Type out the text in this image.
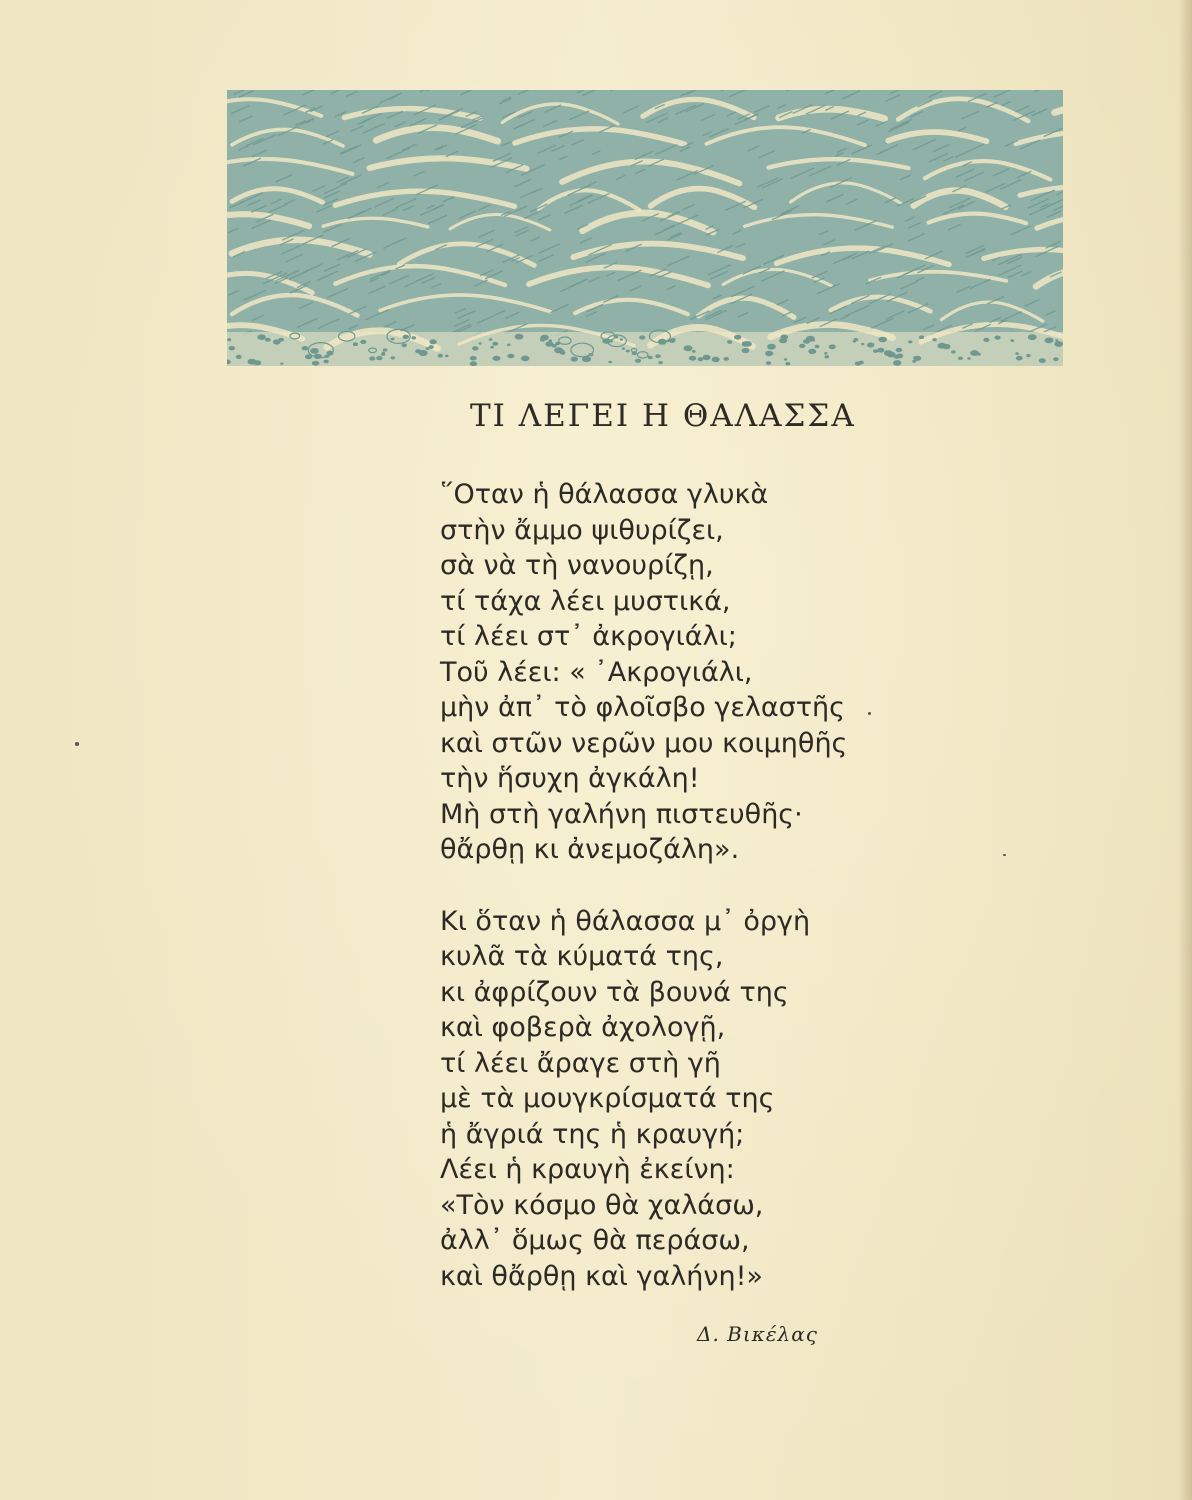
ΤΙ ΛΕΓΕΙ Η ΘΑΛΑΣΣΑ
῞Οταν ἡ θάλασσα γλυκὰ
στὴν ἄμμο ψιθυρίζει,
σὰ νὰ τὴ νανουρίζῃ,
τί τάχα λέει μυστικά,
τί λέει στ᾽ ἀκρογιάλι;
Τοῦ λέει: « ᾽Ακρογιάλι,
μὴν ἀπ᾽ τὸ φλοῖσβο γελαστῆς
καὶ στῶν νερῶν μου κοιμηθῆς
τὴν ἥσυχη ἀγκάλη!
Μὴ στὴ γαλήνη πιστευθῆς·
θἄρθῃ κι ἀνεμοζάλη».
Κι ὅταν ἡ θάλασσα μ᾽ ὀργὴ
κυλᾶ τὰ κύματά της,
κι ἀφρίζουν τὰ βουνά της
καὶ φοβερὰ ἀχολογῇ,
τί λέει ἄραγε στὴ γῆ
μὲ τὰ μουγκρίσματά της
ἡ ἄγριά της ἡ κραυγή;
Λέει ἡ κραυγὴ ἐκείνη:
«Τὸν κόσμο θὰ χαλάσω,
ἀλλ᾽ ὅμως θὰ περάσω,
καὶ θἄρθῃ καὶ γαλήνη!»
Δ. Βικέλας
